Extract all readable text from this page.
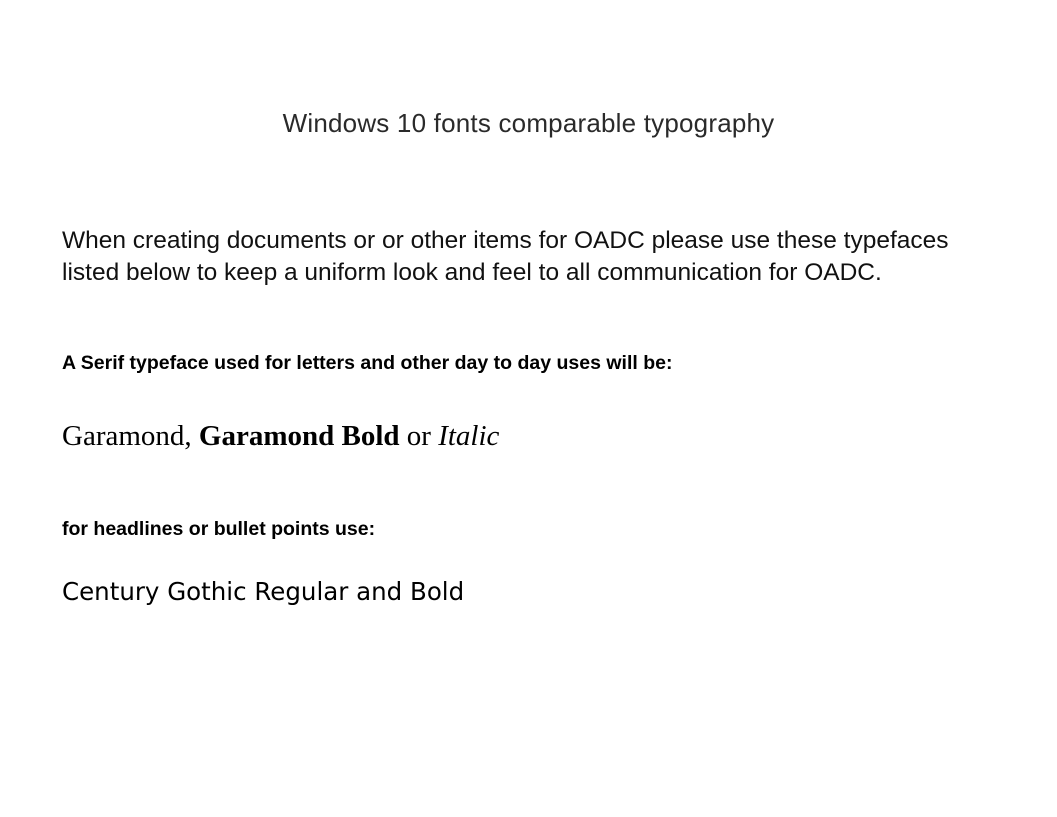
Windows 10 fonts comparable typography

When creating documents or or other items for OADC please use these typefaces listed below to keep a uniform look and feel to all communication for OADC.

A Serif typeface used for letters and other day to day uses will be:

Garamond, Garamond Bold or Italic

for headlines or bullet points use:

Century Gothic Regular and Bold
